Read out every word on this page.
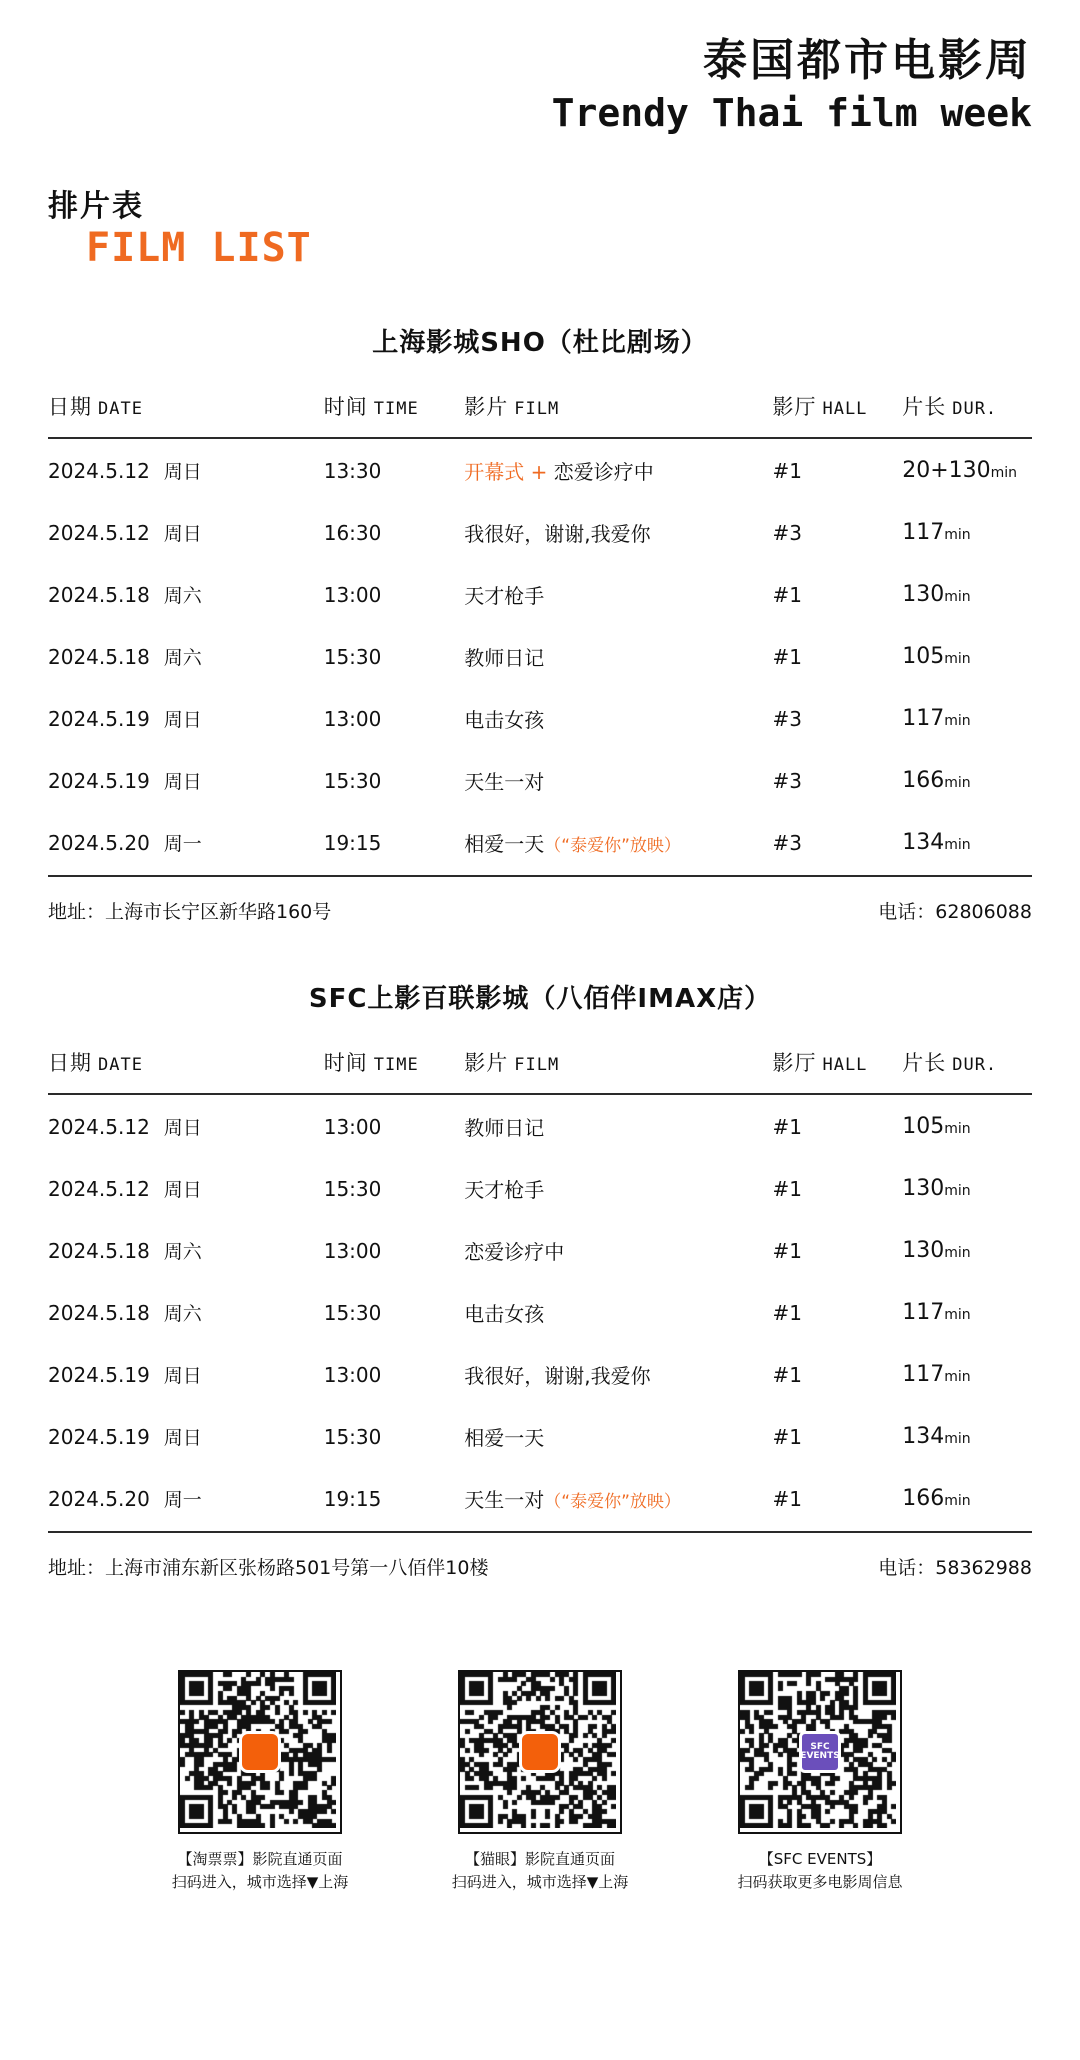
泰国都市电影周
Trendy Thai film week
排片表
FILM LIST
上海影城SHO（杜比剧场）
日期 DATE	时间 TIME	影片 FILM	影厅 HALL	片长 DUR.
2024.5.12 周日	13:30	开幕式 + 恋爱诊疗中	#1	20+130min
2024.5.12 周日	16:30	我很好，谢谢,我爱你	#3	117min
2024.5.18 周六	13:00	天才枪手	#1	130min
2024.5.18 周六	15:30	教师日记	#1	105min
2024.5.19 周日	13:00	电击女孩	#3	117min
2024.5.19 周日	15:30	天生一对	#3	166min
2024.5.20 周一	19:15	相爱一天（“泰爱你”放映）	#3	134min
地址：上海市长宁区新华路160号	电话：62806088
SFC上影百联影城（八佰伴IMAX店）
日期 DATE	时间 TIME	影片 FILM	影厅 HALL	片长 DUR.
2024.5.12 周日	13:00	教师日记	#1	105min
2024.5.12 周日	15:30	天才枪手	#1	130min
2024.5.18 周六	13:00	恋爱诊疗中	#1	130min
2024.5.18 周六	15:30	电击女孩	#1	117min
2024.5.19 周日	13:00	我很好，谢谢,我爱你	#1	117min
2024.5.19 周日	15:30	相爱一天	#1	134min
2024.5.20 周一	19:15	天生一对（“泰爱你”放映）	#1	166min
地址：上海市浦东新区张杨路501号第一八佰伴10楼	电话：58362988
【淘票票】影院直通页面
扫码进入，城市选择▼上海
【猫眼】影院直通页面
扫码进入，城市选择▼上海
SFC EVENTS
【SFC EVENTS】
扫码获取更多电影周信息
